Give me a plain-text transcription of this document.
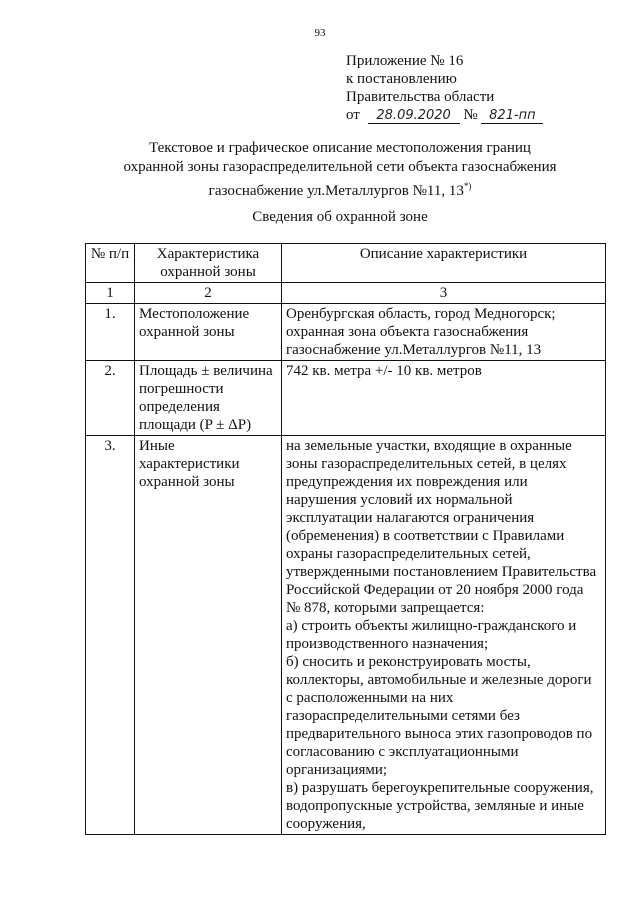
93
Приложение № 16
к постановлению
Правительства области
от 28.09.2020 № 821-пп
Текстовое и графическое описание местоположения границ
охранной зоны газораспределительной сети объекта газоснабжения
газоснабжение ул.Металлургов №11, 13*)
Сведения об охранной зоне
№ п/п	Характеристика охранной зоны	Описание характеристики
1	2	3
1.	Местоположение охранной зоны	Оренбургская область, город Медногорск; охранная зона объекта газоснабжения газоснабжение ул.Металлургов №11, 13
2.	Площадь ± величина погрешности определения площади (P ± ΔP)	742 кв. метра +/- 10 кв. метров
3.	Иные характеристики охранной зоны	на земельные участки, входящие в охранные зоны газораспределительных сетей, в целях предупреждения их повреждения или нарушения условий их нормальной эксплуатации налагаются ограничения (обременения) в соответствии с Правилами охраны газораспределительных сетей, утвержденными постановлением Правительства Российской Федерации от 20 ноября 2000 года № 878, которыми запрещается:
а) строить объекты жилищно-гражданского и производственного назначения;
б) сносить и реконструировать мосты, коллекторы, автомобильные и железные дороги с расположенными на них газораспределительными сетями без предварительного выноса этих газопроводов по согласованию с эксплуатационными организациями;
в) разрушать берегоукрепительные сооружения, водопропускные устройства, земляные и иные сооружения,
